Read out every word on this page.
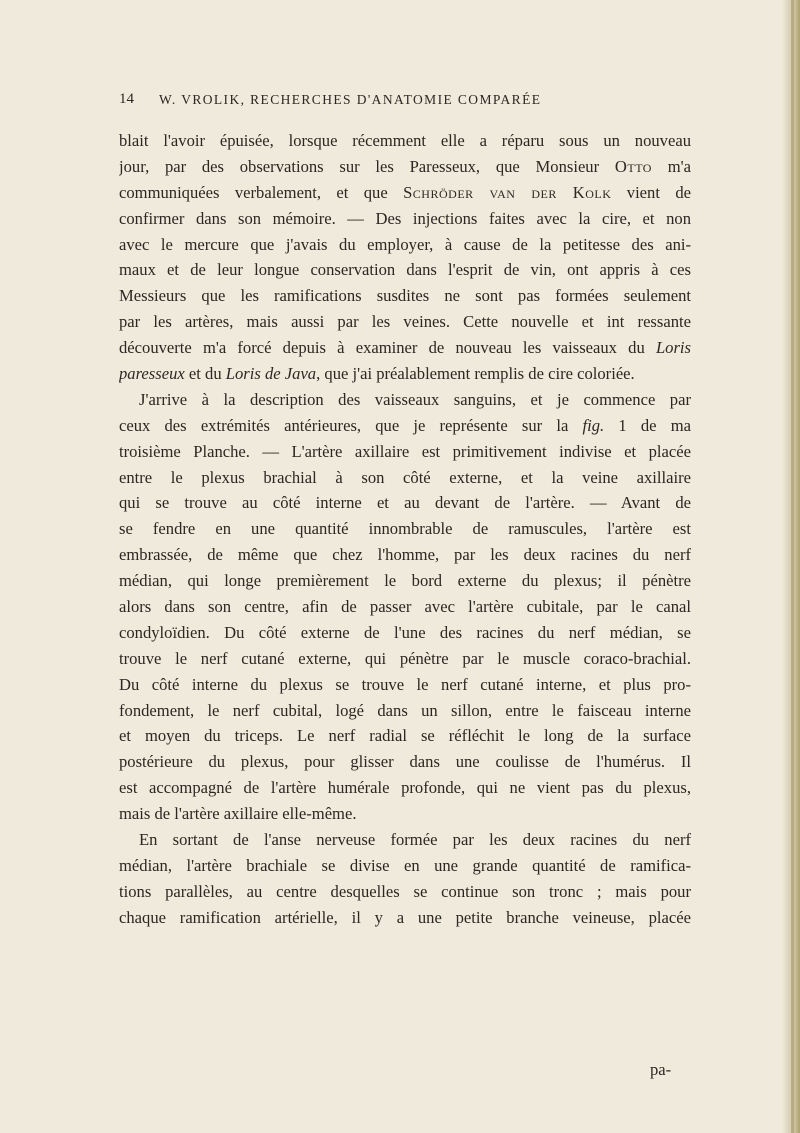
14 W. VROLIK, RECHERCHES D'ANATOMIE COMPARÉE
blait l'avoir épuisée, lorsque récemment elle a réparu sous un nouveau
jour, par des observations sur les Paresseux, que Monsieur Otto m'a
communiquées verbalement, et que Schröder van der Kolk vient de
confirmer dans son mémoire. — Des injections faites avec la cire, et non
avec le mercure que j'avais du employer, à cause de la petitesse des ani-
maux et de leur longue conservation dans l'esprit de vin, ont appris à ces
Messieurs que les ramifications susdites ne sont pas formées seulement
par les artères, mais aussi par les veines. Cette nouvelle et int ressante
découverte m'a forcé depuis à examiner de nouveau les vaisseaux du Loris
paresseux et du Loris de Java, que j'ai préalablement remplis de cire coloriée.
J'arrive à la description des vaisseaux sanguins, et je commence par
ceux des extrémités antérieures, que je représente sur la fig. 1 de ma
troisième Planche. — L'artère axillaire est primitivement indivise et placée
entre le plexus brachial à son côté externe, et la veine axillaire
qui se trouve au côté interne et au devant de l'artère. — Avant de
se fendre en une quantité innombrable de ramuscules, l'artère est
embrassée, de même que chez l'homme, par les deux racines du nerf
médian, qui longe premièrement le bord externe du plexus; il pénètre
alors dans son centre, afin de passer avec l'artère cubitale, par le canal
condyloïdien. Du côté externe de l'une des racines du nerf médian, se
trouve le nerf cutané externe, qui pénètre par le muscle coraco-brachial.
Du côté interne du plexus se trouve le nerf cutané interne, et plus pro-
fondement, le nerf cubital, logé dans un sillon, entre le faisceau interne
et moyen du triceps. Le nerf radial se réfléchit le long de la surface
postérieure du plexus, pour glisser dans une coulisse de l'humérus. Il
est accompagné de l'artère humérale profonde, qui ne vient pas du plexus,
mais de l'artère axillaire elle-même.
En sortant de l'anse nerveuse formée par les deux racines du nerf
médian, l'artère brachiale se divise en une grande quantité de ramifica-
tions parallèles, au centre desquelles se continue son tronc ; mais pour
chaque ramification artérielle, il y a une petite branche veineuse, placée
pa-
